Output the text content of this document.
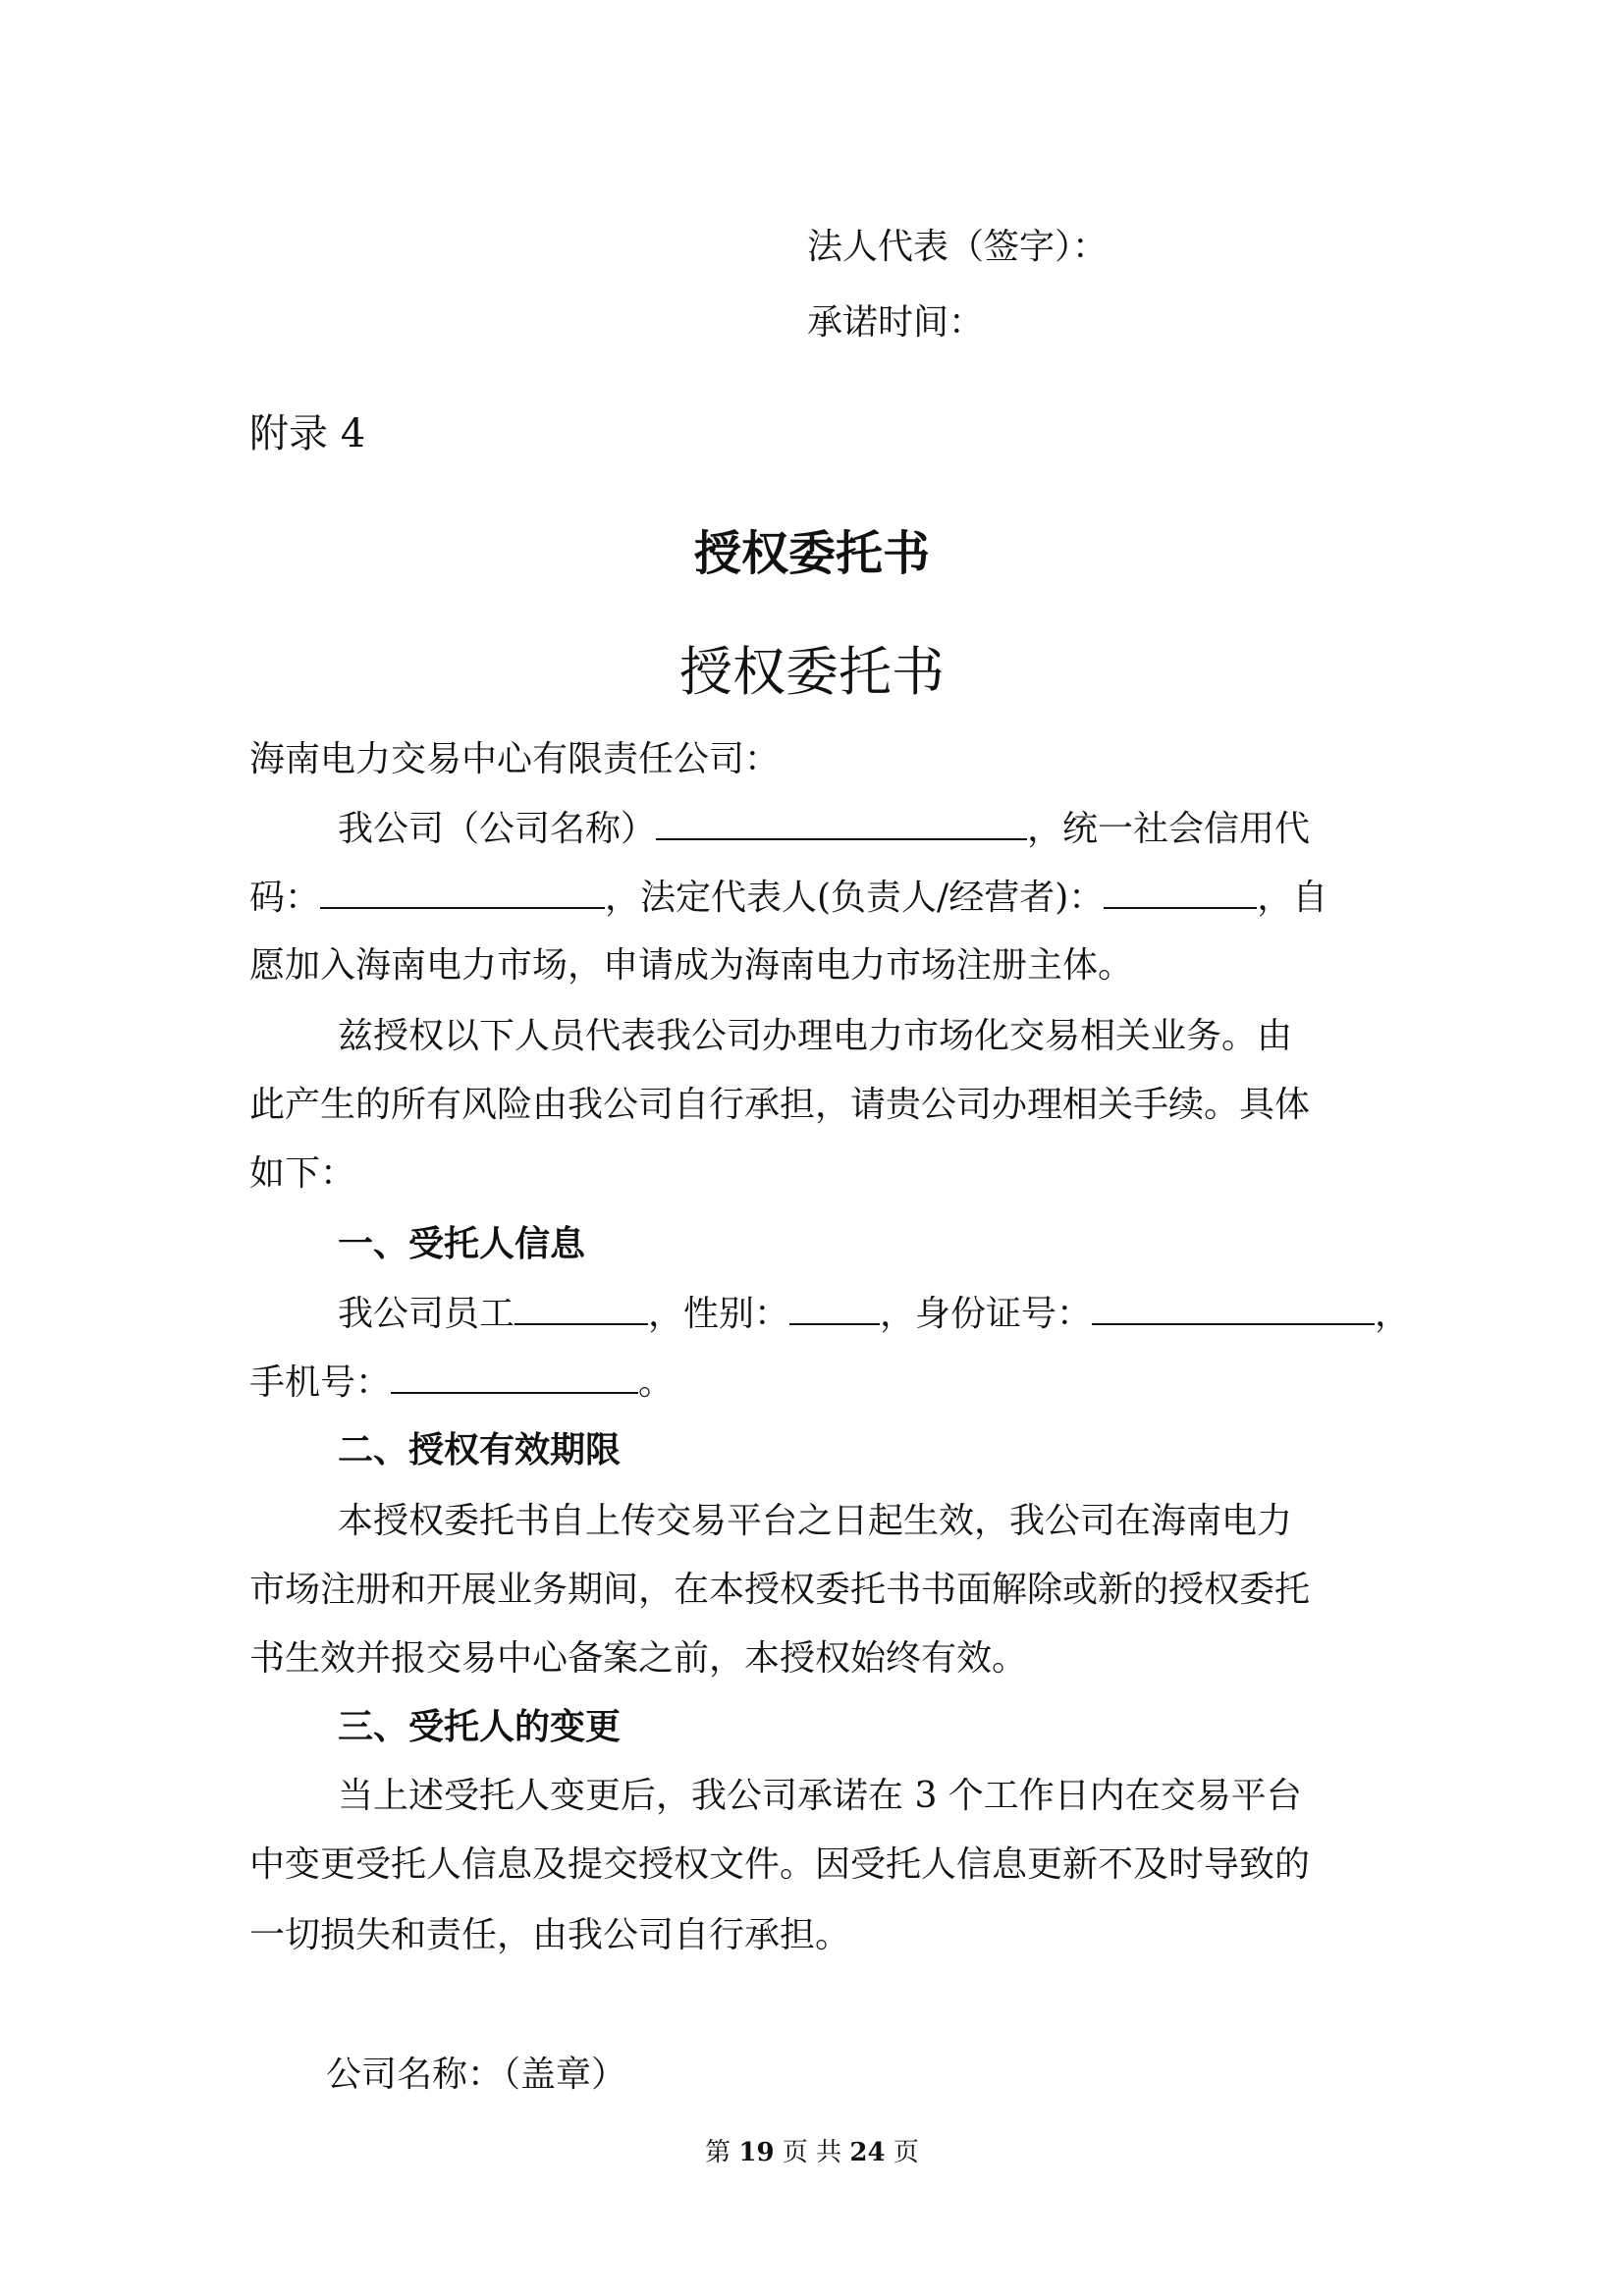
法人代表（签字）：
承诺时间：
附录 4
授权委托书
授权委托书
海南电力交易中心有限责任公司：
我公司（公司名称）	，统一社会信用代
码：	，法定代表人(负责人/经营者)：	，自
愿加入海南电力市场，申请成为海南电力市场注册主体。
兹授权以下人员代表我公司办理电力市场化交易相关业务。由
此产生的所有风险由我公司自行承担，请贵公司办理相关手续。具体
如下：
一、受托人信息
我公司员工	，性别：	，身份证号：	，
手机号：	。
二、授权有效期限
本授权委托书自上传交易平台之日起生效，我公司在海南电力
市场注册和开展业务期间，在本授权委托书书面解除或新的授权委托
书生效并报交易中心备案之前，本授权始终有效。
三、受托人的变更
当上述受托人变更后，我公司承诺在 3 个工作日内在交易平台
中变更受托人信息及提交授权文件。因受托人信息更新不及时导致的
一切损失和责任，由我公司自行承担。
公司名称：（盖章）
第 19 页 共 24 页
